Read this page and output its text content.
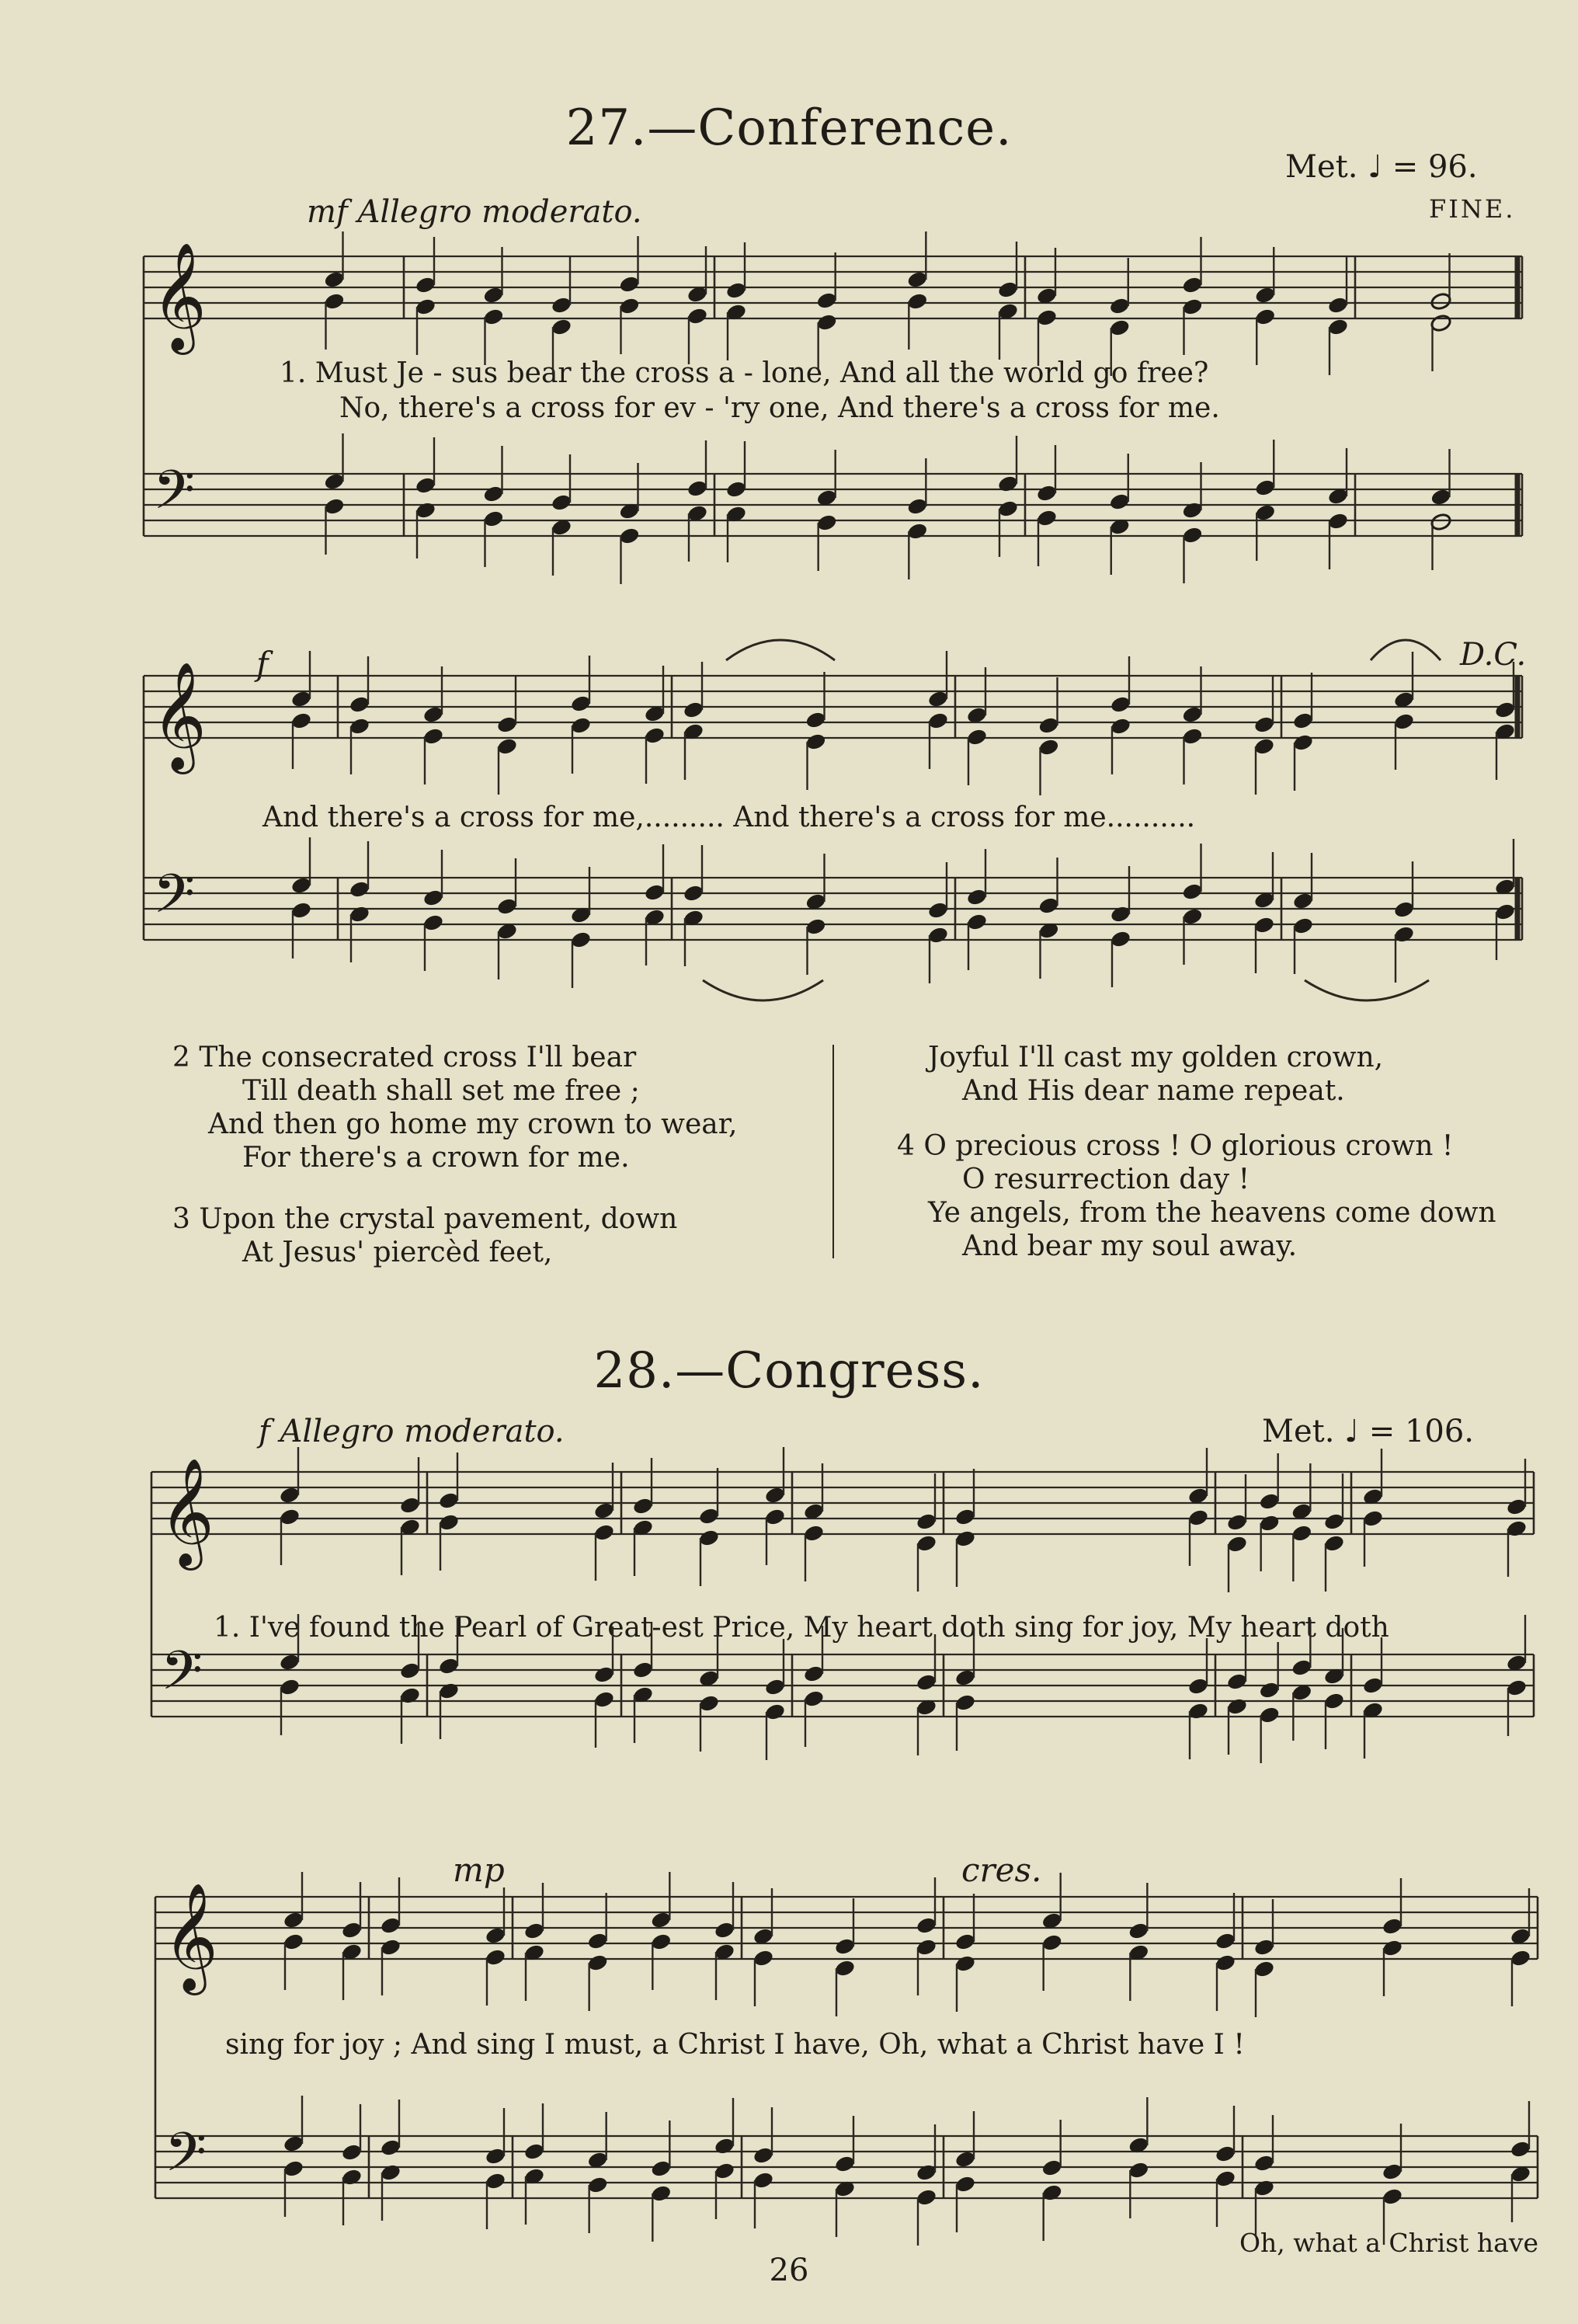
27.—Conference.
Met. ♩ = 96.
mf Allegro moderato.	FINE.
1. Must Je - sus bear the cross a - lone, And all the world go free?
No, there's a cross for ev - 'ry one, And there's a cross for me.
f	D.C.
And there's a cross for me,......... And there's a cross for me..........
2 The consecrated cross I'll bear
Till death shall set me free ;
And then go home my crown to wear,
For there's a crown for me.
3 Upon the crystal pavement, down
At Jesus' piercèd feet,
Joyful I'll cast my golden crown,
And His dear name repeat.
4 O precious cross ! O glorious crown !
O resurrection day !
Ye angels, from the heavens come down
And bear my soul away.
28.—Congress.
f Allegro moderato.	Met. ♩ = 106.
1. I've found the Pearl of Great-est Price, My heart doth sing for joy, My heart doth
mp	cres.
sing for joy ; And sing I must, a Christ I have, Oh, what a Christ have I !
Oh, what a Christ have
26
𝄞
𝄢
𝄞
𝄢
𝄞
𝄢
𝄞
𝄢
